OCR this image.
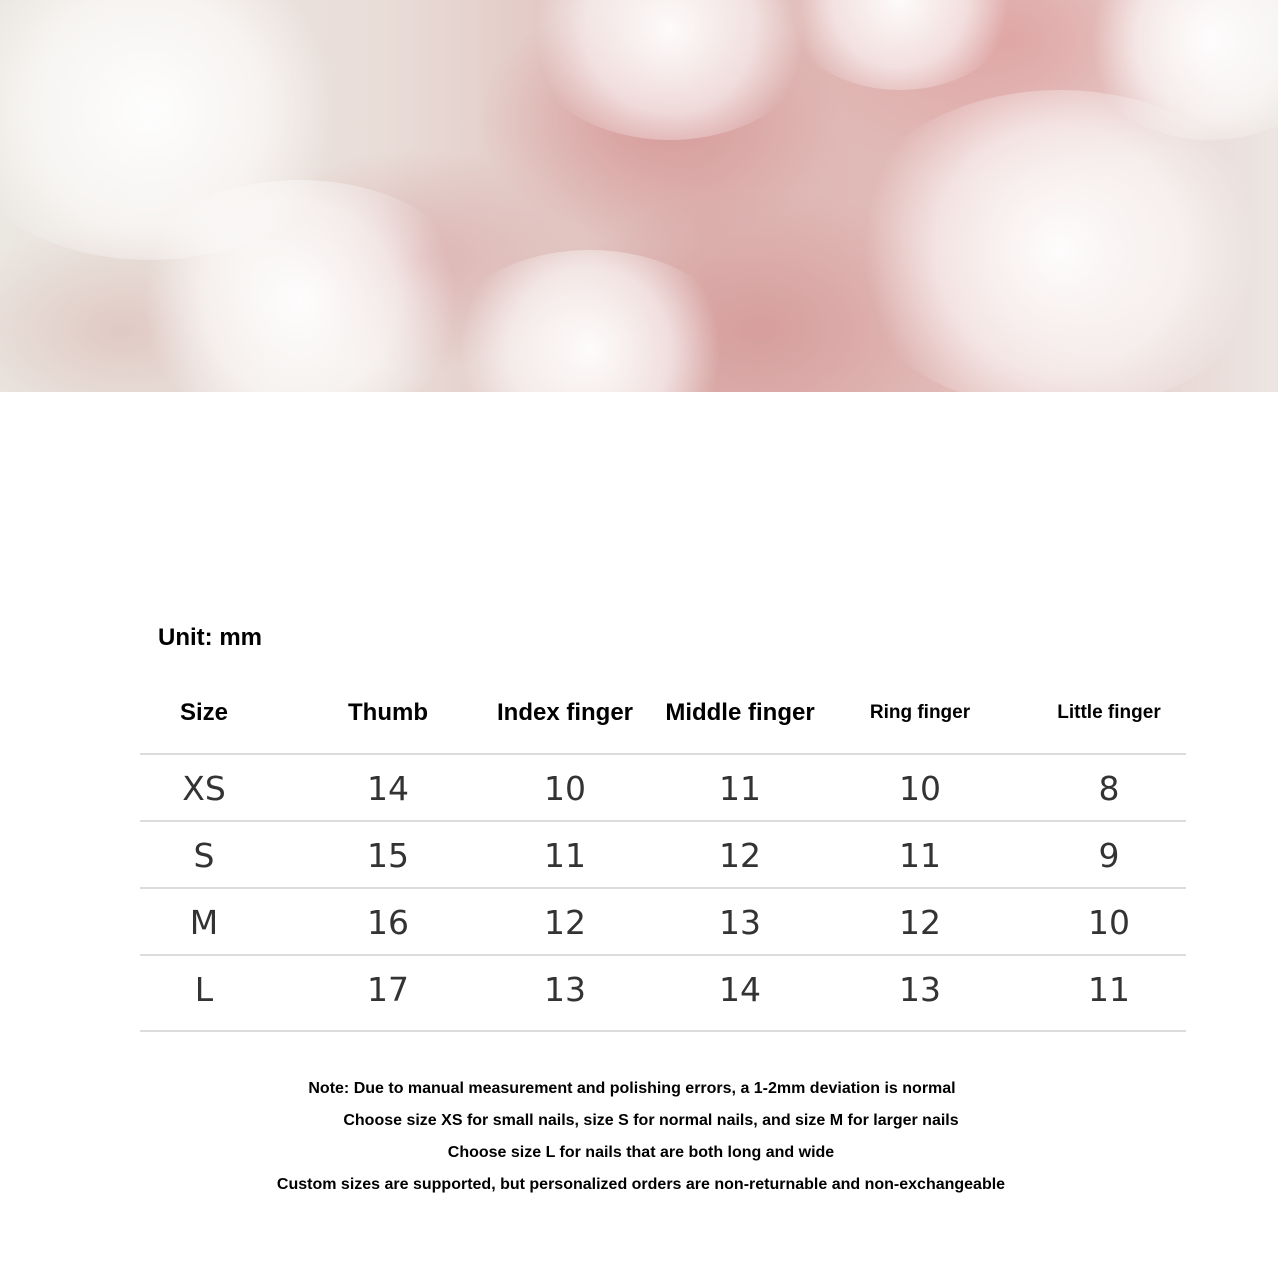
Unit: mm
Size	Thumb	Index finger	Middle finger	Ring finger	Little finger
XS	14	10	11	10	8
S	15	11	12	11	9
M	16	12	13	12	10
L	17	13	14	13	11
Note: Due to manual measurement and polishing errors, a 1-2mm deviation is normal
Choose size XS for small nails, size S for normal nails, and size M for larger nails
Choose size L for nails that are both long and wide
Custom sizes are supported, but personalized orders are non-returnable and non-exchangeable
